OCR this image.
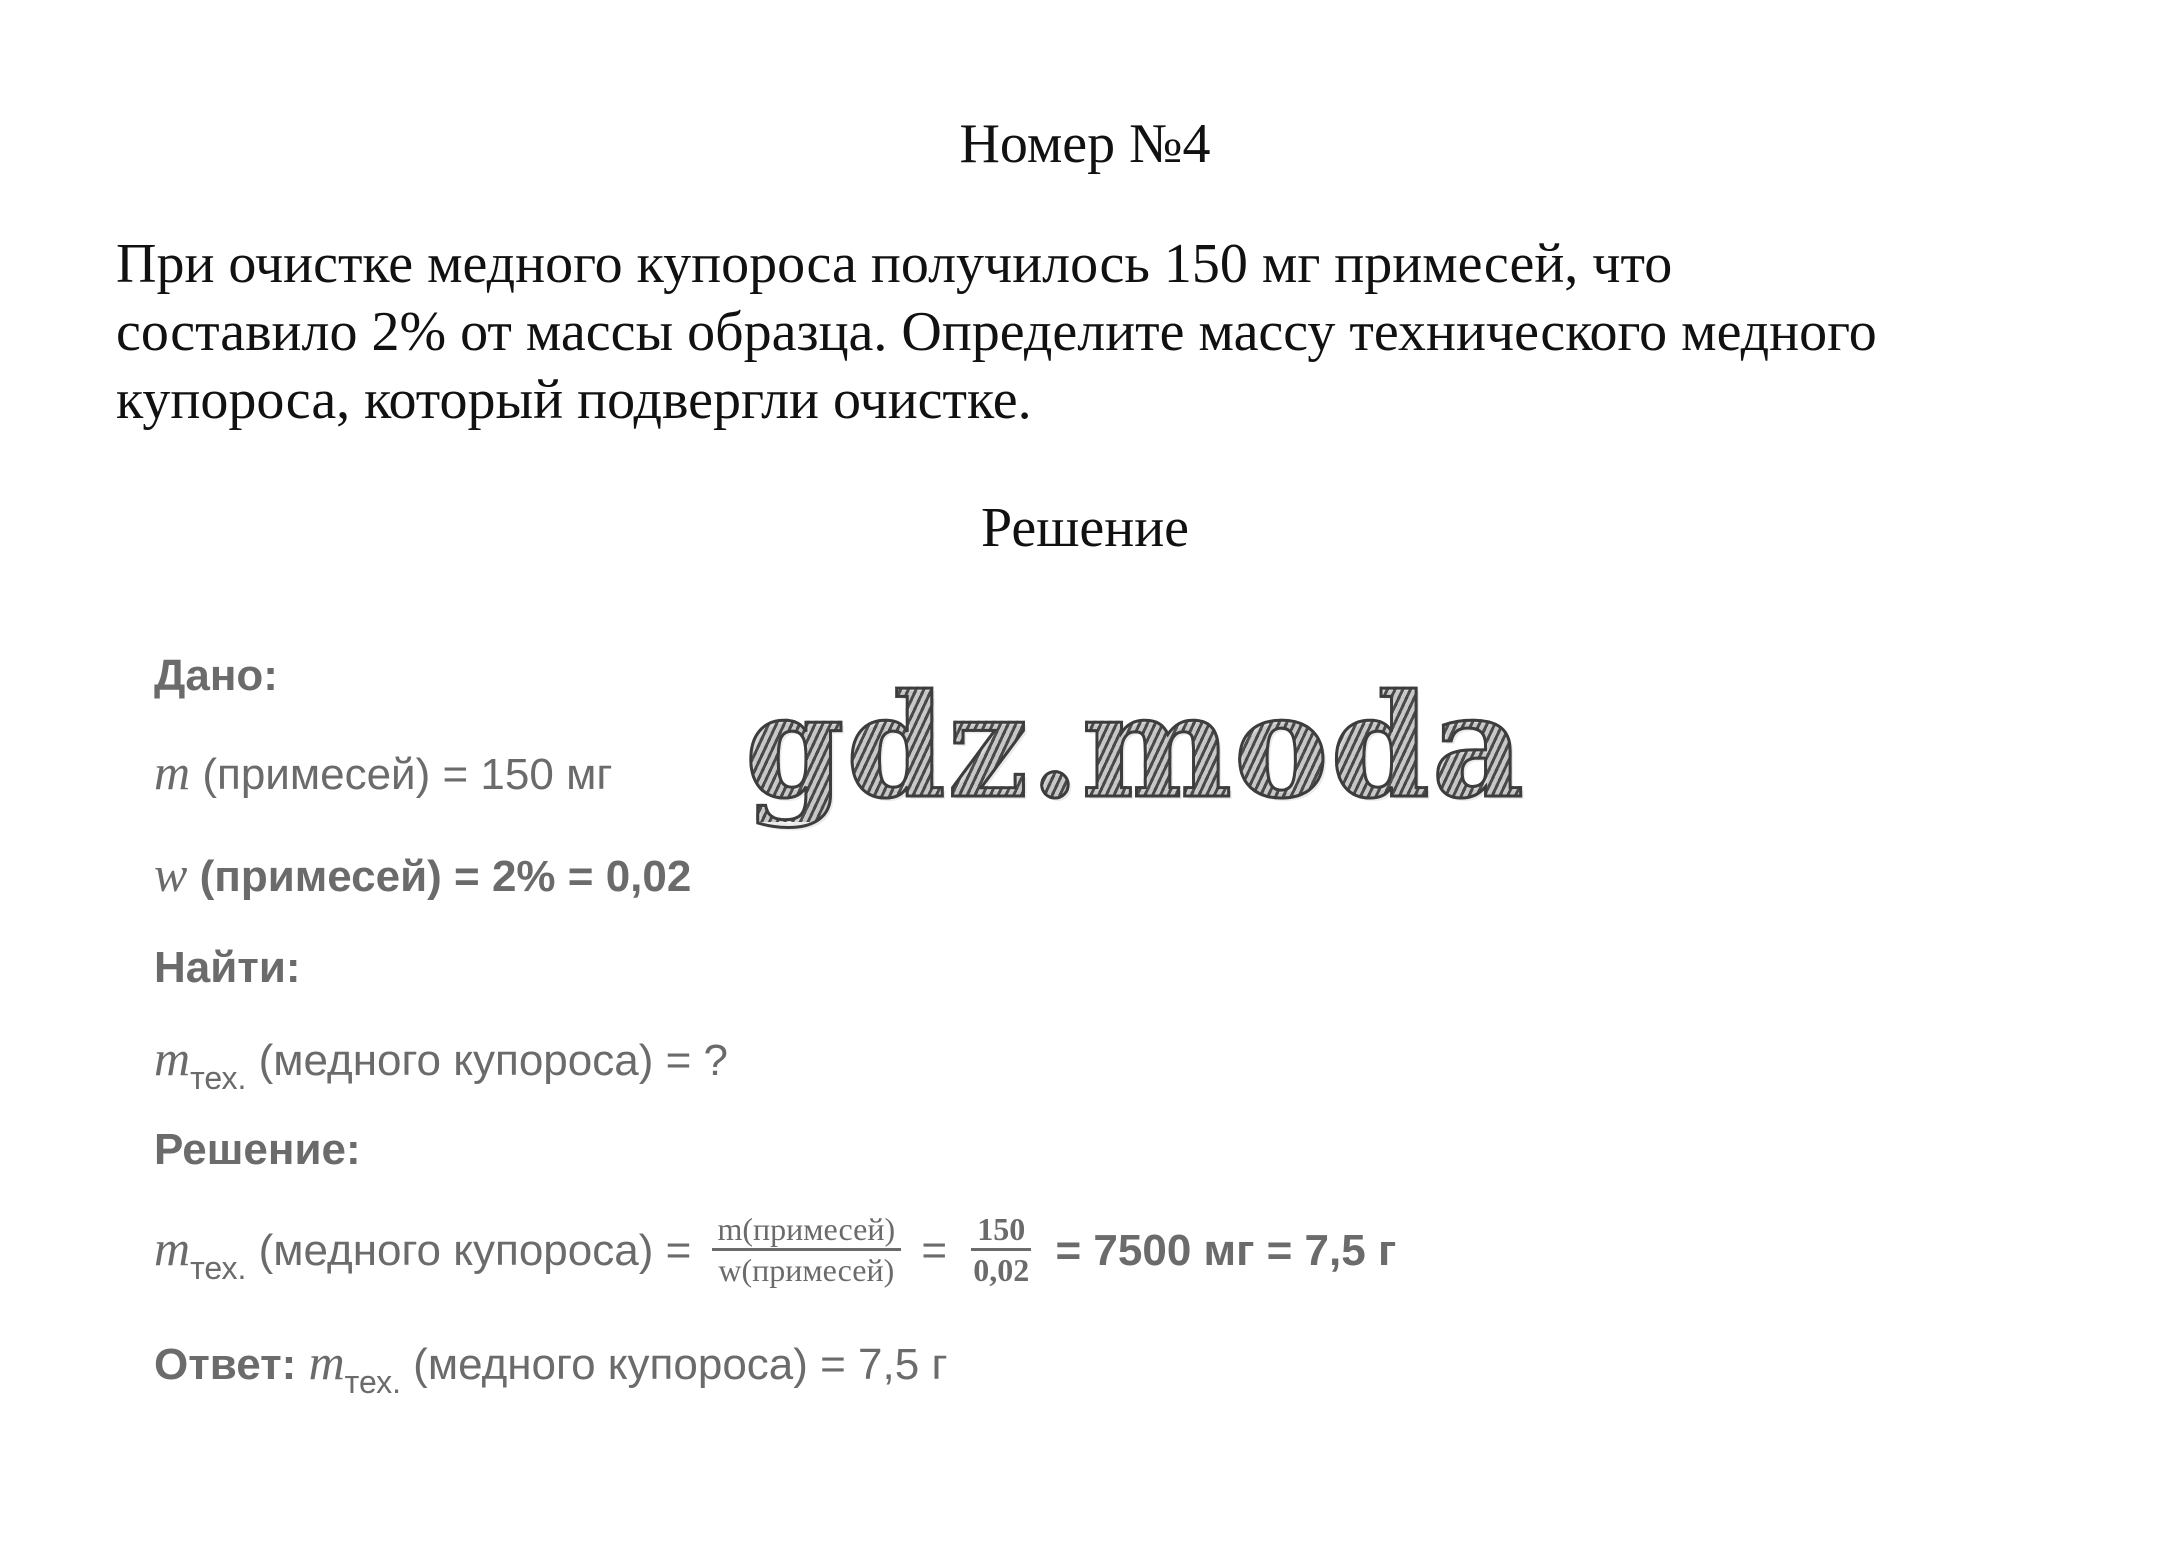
Номер №4

При очистке медного купороса получилось 150 мг примесей, что
составило 2% от массы образца. Определите массу технического медного
купороса, который подвергли очистке.

Решение
gdz.moda
Дано:
m (примесей) = 150 мг
w (примесей) = 2% = 0,02
Найти:
$m_{тех.}$ (медного купороса) = ?
Решение:
$m_{тех.}$ (медного купороса) = $\frac{\text{m(примесей)}}{\text{w(примесей)}} = \frac{150}{0,02} = 7500$ мг = 7,5 г
Ответ: $m_{тех.}$ (медного купороса) = 7,5 г
